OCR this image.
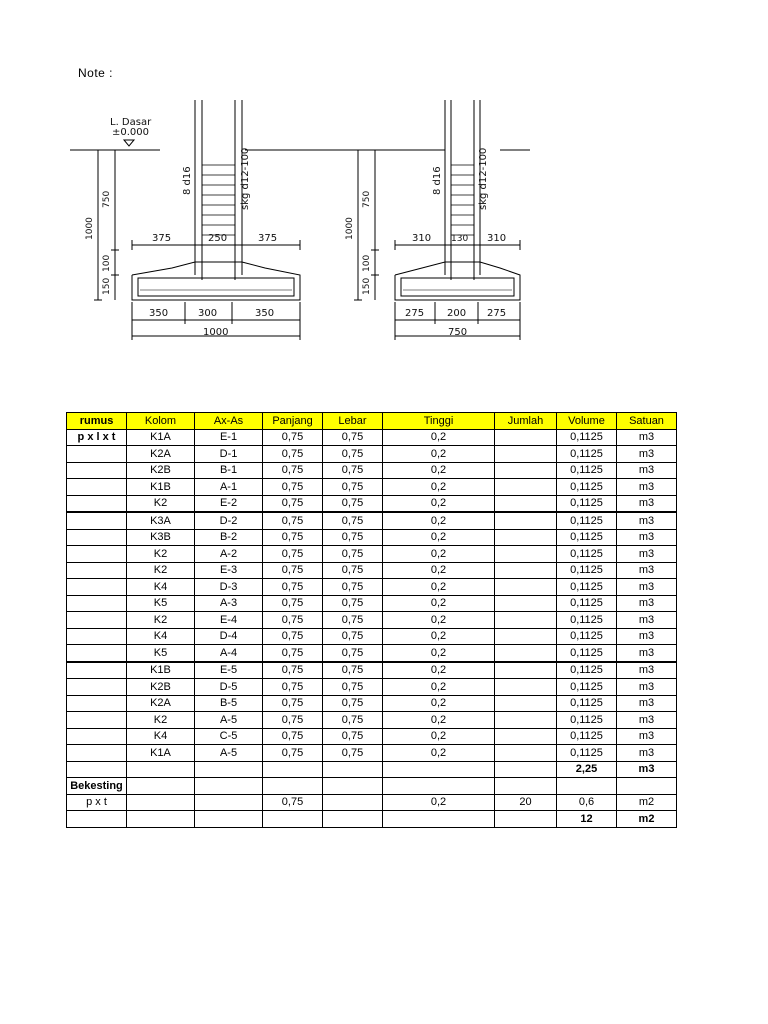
Note :
L. Dasar
±0.000
1000
750
100
150
375	250	375
350	300	350
1000
8 d16	skg d12-100
1000
750
100
150
310 130 310
275 200 275
750
8 d16	skg d12-100
rumus	Kolom	Ax-As	Panjang	Lebar	Tinggi	Jumlah	Volume	Satuan
p x l x t	K1A	E-1	0,75	0,75	0,2		0,1125	m3
	K2A	D-1	0,75	0,75	0,2		0,1125	m3
	K2B	B-1	0,75	0,75	0,2		0,1125	m3
	K1B	A-1	0,75	0,75	0,2		0,1125	m3
	K2	E-2	0,75	0,75	0,2		0,1125	m3
	K3A	D-2	0,75	0,75	0,2		0,1125	m3
	K3B	B-2	0,75	0,75	0,2		0,1125	m3
	K2	A-2	0,75	0,75	0,2		0,1125	m3
	K2	E-3	0,75	0,75	0,2		0,1125	m3
	K4	D-3	0,75	0,75	0,2		0,1125	m3
	K5	A-3	0,75	0,75	0,2		0,1125	m3
	K2	E-4	0,75	0,75	0,2		0,1125	m3
	K4	D-4	0,75	0,75	0,2		0,1125	m3
	K5	A-4	0,75	0,75	0,2		0,1125	m3
	K1B	E-5	0,75	0,75	0,2		0,1125	m3
	K2B	D-5	0,75	0,75	0,2		0,1125	m3
	K2A	B-5	0,75	0,75	0,2		0,1125	m3
	K2	A-5	0,75	0,75	0,2		0,1125	m3
	K4	C-5	0,75	0,75	0,2		0,1125	m3
	K1A	A-5	0,75	0,75	0,2		0,1125	m3
							2,25	m3
Bekesting								
p x t			0,75		0,2	20	0,6	m2
							12	m2
